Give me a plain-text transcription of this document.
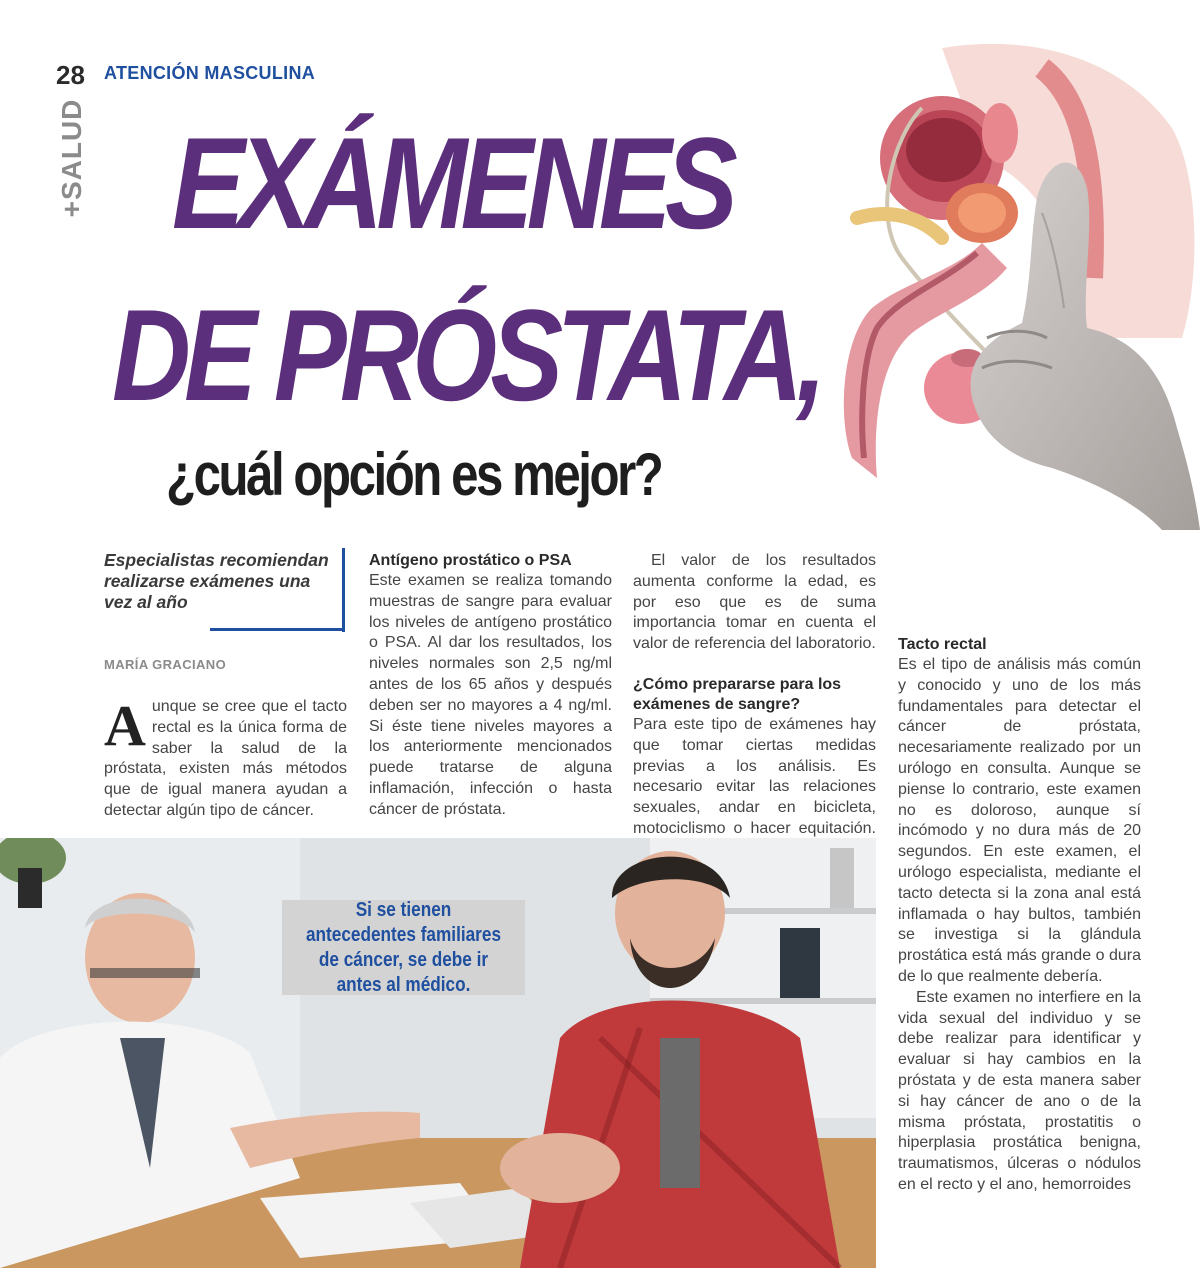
28 ATENCIÓN MASCULINA
+SALUD EXÁMENES
DE PRÓSTATA,
¿cuál opción es mejor?
Especialistas recomiendan realizarse exámenes una vez al año
MARÍA GRACIANO
Aunque se cree que el tacto rectal es la única forma de saber la salud de la próstata, existen más métodos que de igual manera ayudan a detectar algún tipo de cáncer.
Antígeno prostático o PSA

Este examen se realiza tomando muestras de sangre para evaluar los niveles de antígeno prostático o PSA. Al dar los resultados, los niveles normales son 2,5 ng/ml antes de los 65 años y después deben ser no mayores a 4 ng/ml. Si éste tiene niveles mayores a los anteriormente mencionados puede tratarse de alguna inflamación, infección o hasta cáncer de próstata.

El valor de los resultados aumenta conforme la edad, es por eso que es de suma importancia tomar en cuenta el valor de referencia del laboratorio.

¿Cómo prepararse para los exámenes de sangre?

Para este tipo de exámenes hay que tomar ciertas medidas previas a los análisis. Es necesario evitar las relaciones sexuales, andar en bicicleta, motociclismo o hacer equitación.

Tacto rectal

Es el tipo de análisis más común y conocido y uno de los más fundamentales para detectar el cáncer de próstata, necesariamente realizado por un urólogo en consulta. Aunque se piense lo contrario, este examen no es doloroso, aunque sí incómodo y no dura más de 20 segundos. En este examen, el urólogo especialista, mediante el tacto detecta si la zona anal está inflamada o hay bultos, también se investiga si la glándula prostática está más grande o dura de lo que realmente debería.

Este examen no interfiere en la vida sexual del individuo y se debe realizar para identificar y evaluar si hay cambios en la próstata y de esta manera saber si hay cáncer de ano o de la misma próstata, prostatitis o hiperplasia prostática benigna, traumatismos, úlceras o nódulos en el recto y el ano, hemorroides

Si se tienen antecedentes familiares de cáncer, se debe ir antes al médico.
